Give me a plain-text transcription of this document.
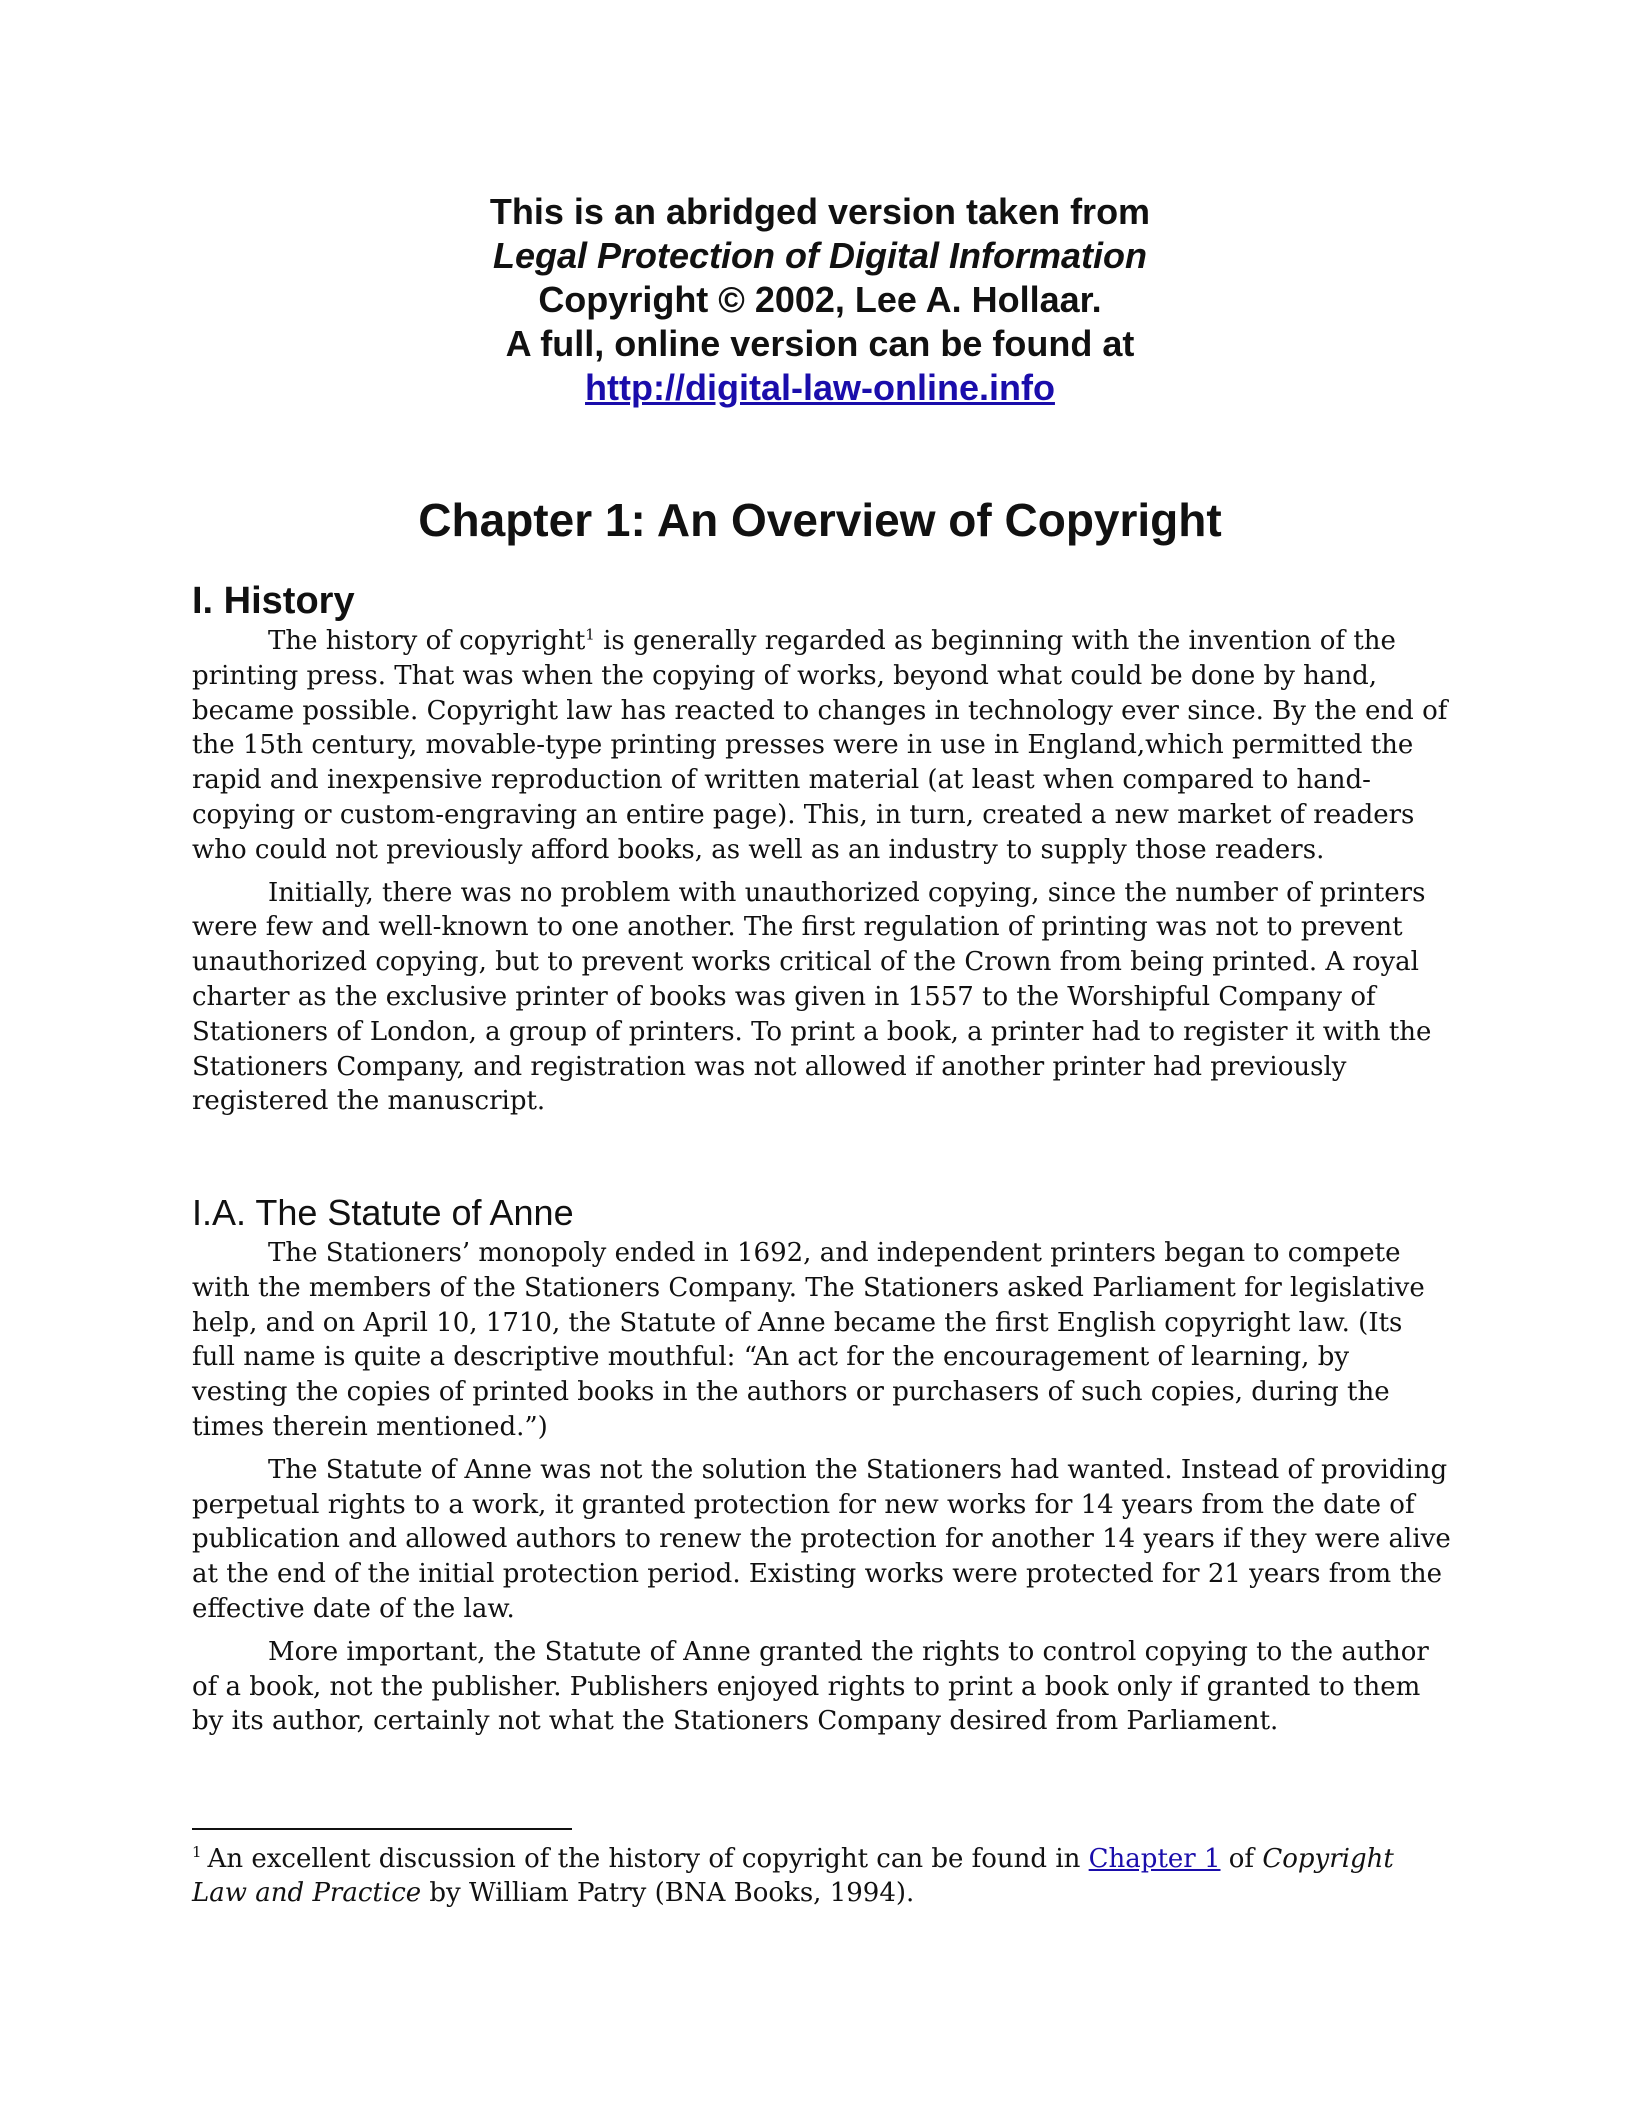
This is an abridged version taken from
Legal Protection of Digital Information
Copyright © 2002, Lee A. Hollaar.
A full, online version can be found at
http://digital-law-online.info
Chapter 1: An Overview of Copyright
I. History

The history of copyright$^1$ is generally regarded as beginning with the invention of the printing press. That was when the copying of works, beyond what could be done by hand, became possible. Copyright law has reacted to changes in technology ever since. By the end of the 15th century, movable-type printing presses were in use in England,which permitted the rapid and inexpensive reproduction of written material (at least when compared to hand-copying or custom-engraving an entire page). This, in turn, created a new market of readers who could not previously afford books, as well as an industry to supply those readers.

Initially, there was no problem with unauthorized copying, since the number of printers were few and well-known to one another. The first regulation of printing was not to prevent unauthorized copying, but to prevent works critical of the Crown from being printed. A royal charter as the exclusive printer of books was given in 1557 to the Worshipful Company of Stationers of London, a group of printers. To print a book, a printer had to register it with the Stationers Company, and registration was not allowed if another printer had previously registered the manuscript.

I.A. The Statute of Anne

The Stationers’ monopoly ended in 1692, and independent printers began to compete with the members of the Stationers Company. The Stationers asked Parliament for legislative help, and on April 10, 1710, the Statute of Anne became the first English copyright law. (Its full name is quite a descriptive mouthful: “An act for the encouragement of learning, by vesting the copies of printed books in the authors or purchasers of such copies, during the times therein mentioned.”)

The Statute of Anne was not the solution the Stationers had wanted. Instead of providing perpetual rights to a work, it granted protection for new works for 14 years from the date of publication and allowed authors to renew the protection for another 14 years if they were alive at the end of the initial protection period. Existing works were protected for 21 years from the effective date of the law.

More important, the Statute of Anne granted the rights to control copying to the author of a book, not the publisher. Publishers enjoyed rights to print a book only if granted to them by its author, certainly not what the Stationers Company desired from Parliament.

$^1$ An excellent discussion of the history of copyright can be found in Chapter 1 of Copyright Law and Practice by William Patry (BNA Books, 1994).
